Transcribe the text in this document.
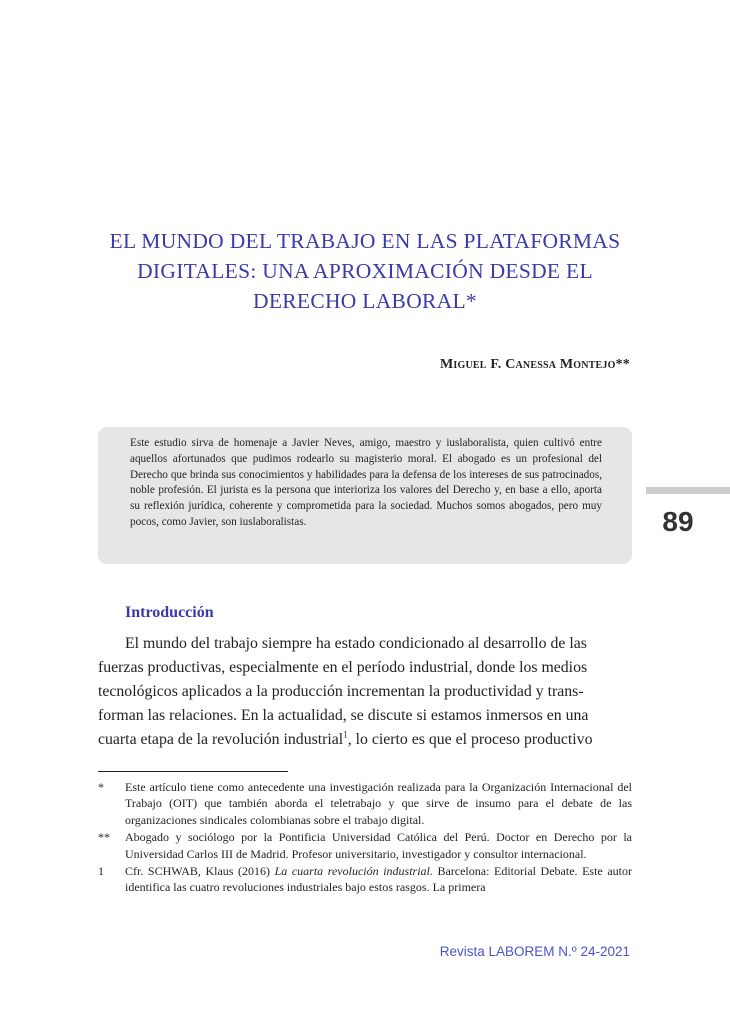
EL MUNDO DEL TRABAJO EN LAS PLATAFORMAS
DIGITALES: UNA APROXIMACIÓN DESDE EL
DERECHO LABORAL*
Miguel F. Canessa Montejo**
Este estudio sirva de homenaje a Javier Neves, amigo, maestro y iuslaboralista, quien cultivó entre aquellos afortunados que pudimos rodearlo su magisterio moral. El abogado es un profesional del Derecho que brinda sus conocimientos y habilidades para la defensa de los intereses de sus patrocinados, noble profesión. El jurista es la persona que interioriza los valores del Derecho y, en base a ello, aporta su reflexión jurídica, coherente y comprometida para la sociedad. Muchos somos abogados, pero muy pocos, como Javier, son iuslaboralistas.	89
Introducción
El mundo del trabajo siempre ha estado condicionado al desarrollo de las
fuerzas productivas, especialmente en el período industrial, donde los medios
tecnológicos aplicados a la producción incrementan la productividad y trans-
forman las relaciones. En la actualidad, se discute si estamos inmersos en una
cuarta etapa de la revolución industrial$^1$, lo cierto es que el proceso productivo
* Este artículo tiene como antecedente una investigación realizada para la Organización Internacional del Trabajo (OIT) que también aborda el teletrabajo y que sirve de insumo para el debate de las organizaciones sindicales colombianas sobre el trabajo digital.
** Abogado y sociólogo por la Pontificia Universidad Católica del Perú. Doctor en Derecho por la Universidad Carlos III de Madrid. Profesor universitario, investigador y consultor internacional.
1 Cfr. SCHWAB, Klaus (2016) La cuarta revolución industrial. Barcelona: Editorial Debate. Este autor identifica las cuatro revoluciones industriales bajo estos rasgos. La primera
Revista LABOREM N.º 24-2021
